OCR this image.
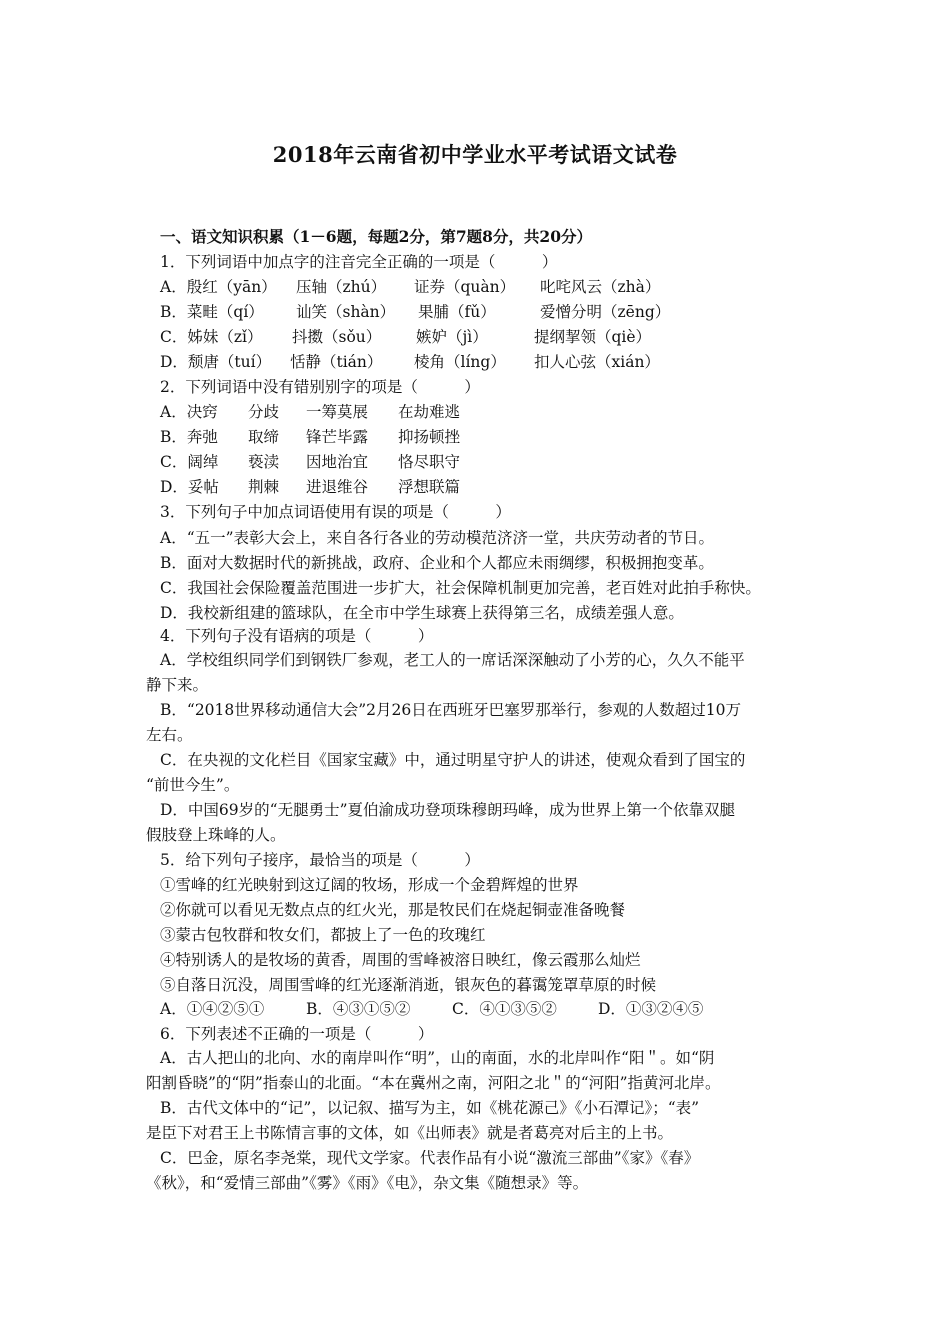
2018年云南省初中学业水平考试语文试卷
一、语文知识积累（1－6题，每题2分，第7题8分，共20分）
1．下列词语中加点字的注音完全正确的一项是（　　　）
A．殷红（yān） 压轴（zhú） 证券（quàn） 叱咤风云（zhà）
B．菜畦（qí） 讪笑（shàn） 果脯（fǔ）	爱憎分明（zēng）
C．姊妹（zǐ） 抖擞（sǒu） 嫉妒（jì）	提纲挈领（qiè）
D．颓唐（tuí） 恬静（tián） 棱角（líng） 扣人心弦（xián）
2．下列词语中没有错别别字的项是（　　　）
A．决窍 分歧 一筹莫展 在劫难逃
B．奔弛 取缔 锋芒毕露 抑扬顿挫
C．阔绰 亵渎 因地治宜 恪尽职守
D．妥帖 荆棘 进退维谷 浮想联篇
3．下列句子中加点词语使用有误的项是（　　　）
A．“五一”表彰大会上，来自各行各业的劳动模范济济一堂，共庆劳动者的节日。
B．面对大数据时代的新挑战，政府、企业和个人都应未雨绸缪，积极拥抱变革。
C．我国社会保险覆盖范围进一步扩大，社会保障机制更加完善，老百姓对此拍手称快。
D．我校新组建的篮球队，在全市中学生球赛上获得第三名，成绩差强人意。
4．下列句子没有语病的项是（　　　）
A．学校组织同学们到钢铁厂参观，老工人的一席话深深触动了小芳的心，久久不能平
静下来。
B．“2018世界移动通信大会”2月26日在西班牙巴塞罗那举行，参观的人数超过10万
左右。
C．在央视的文化栏目《国家宝藏》中，通过明星守护人的讲述，使观众看到了国宝的
“前世今生”。
D．中国69岁的“无腿勇士”夏伯渝成功登项珠穆朗玛峰，成为世界上第一个依靠双腿
假肢登上珠峰的人。
5．给下列句子接序，最恰当的项是（　　　）
①雪峰的红光映射到这辽阔的牧场，形成一个金碧辉煌的世界
②你就可以看见无数点点的红火光，那是牧民们在烧起铜壶准备晚餐
③蒙古包牧群和牧女们，都披上了一色的玫瑰红
④特别诱人的是牧场的黄香，周围的雪峰被溶日映红，像云霞那么灿烂
⑤自落日沉没，周围雪峰的红光逐渐消逝，银灰色的暮霭笼罩草原的时候
A．①④②⑤①	B．④③①⑤②	C．④①③⑤②	D．①③②④⑤
6．下列表述不正确的一项是（　　　）
A．古人把山的北向、水的南岸叫作“明”，山的南面，水的北岸叫作“阳＂。如“阴
阳割昏晓”的“阴”指泰山的北面。“本在冀州之南，河阳之北＂的“河阳”指黄河北岸。
B．古代文体中的“记”，以记叙、描写为主，如《桃花源己》《小石潭记》；“表”
是臣下对君王上书陈情言事的文体，如《出师表》就是者葛亮对后主的上书。
C．巴金，原名李尧棠，现代文学家。代表作品有小说“激流三部曲”《家》《春》
《秋》，和“爱情三部曲”《雾》《雨》《电》，杂文集《随想录》等。
